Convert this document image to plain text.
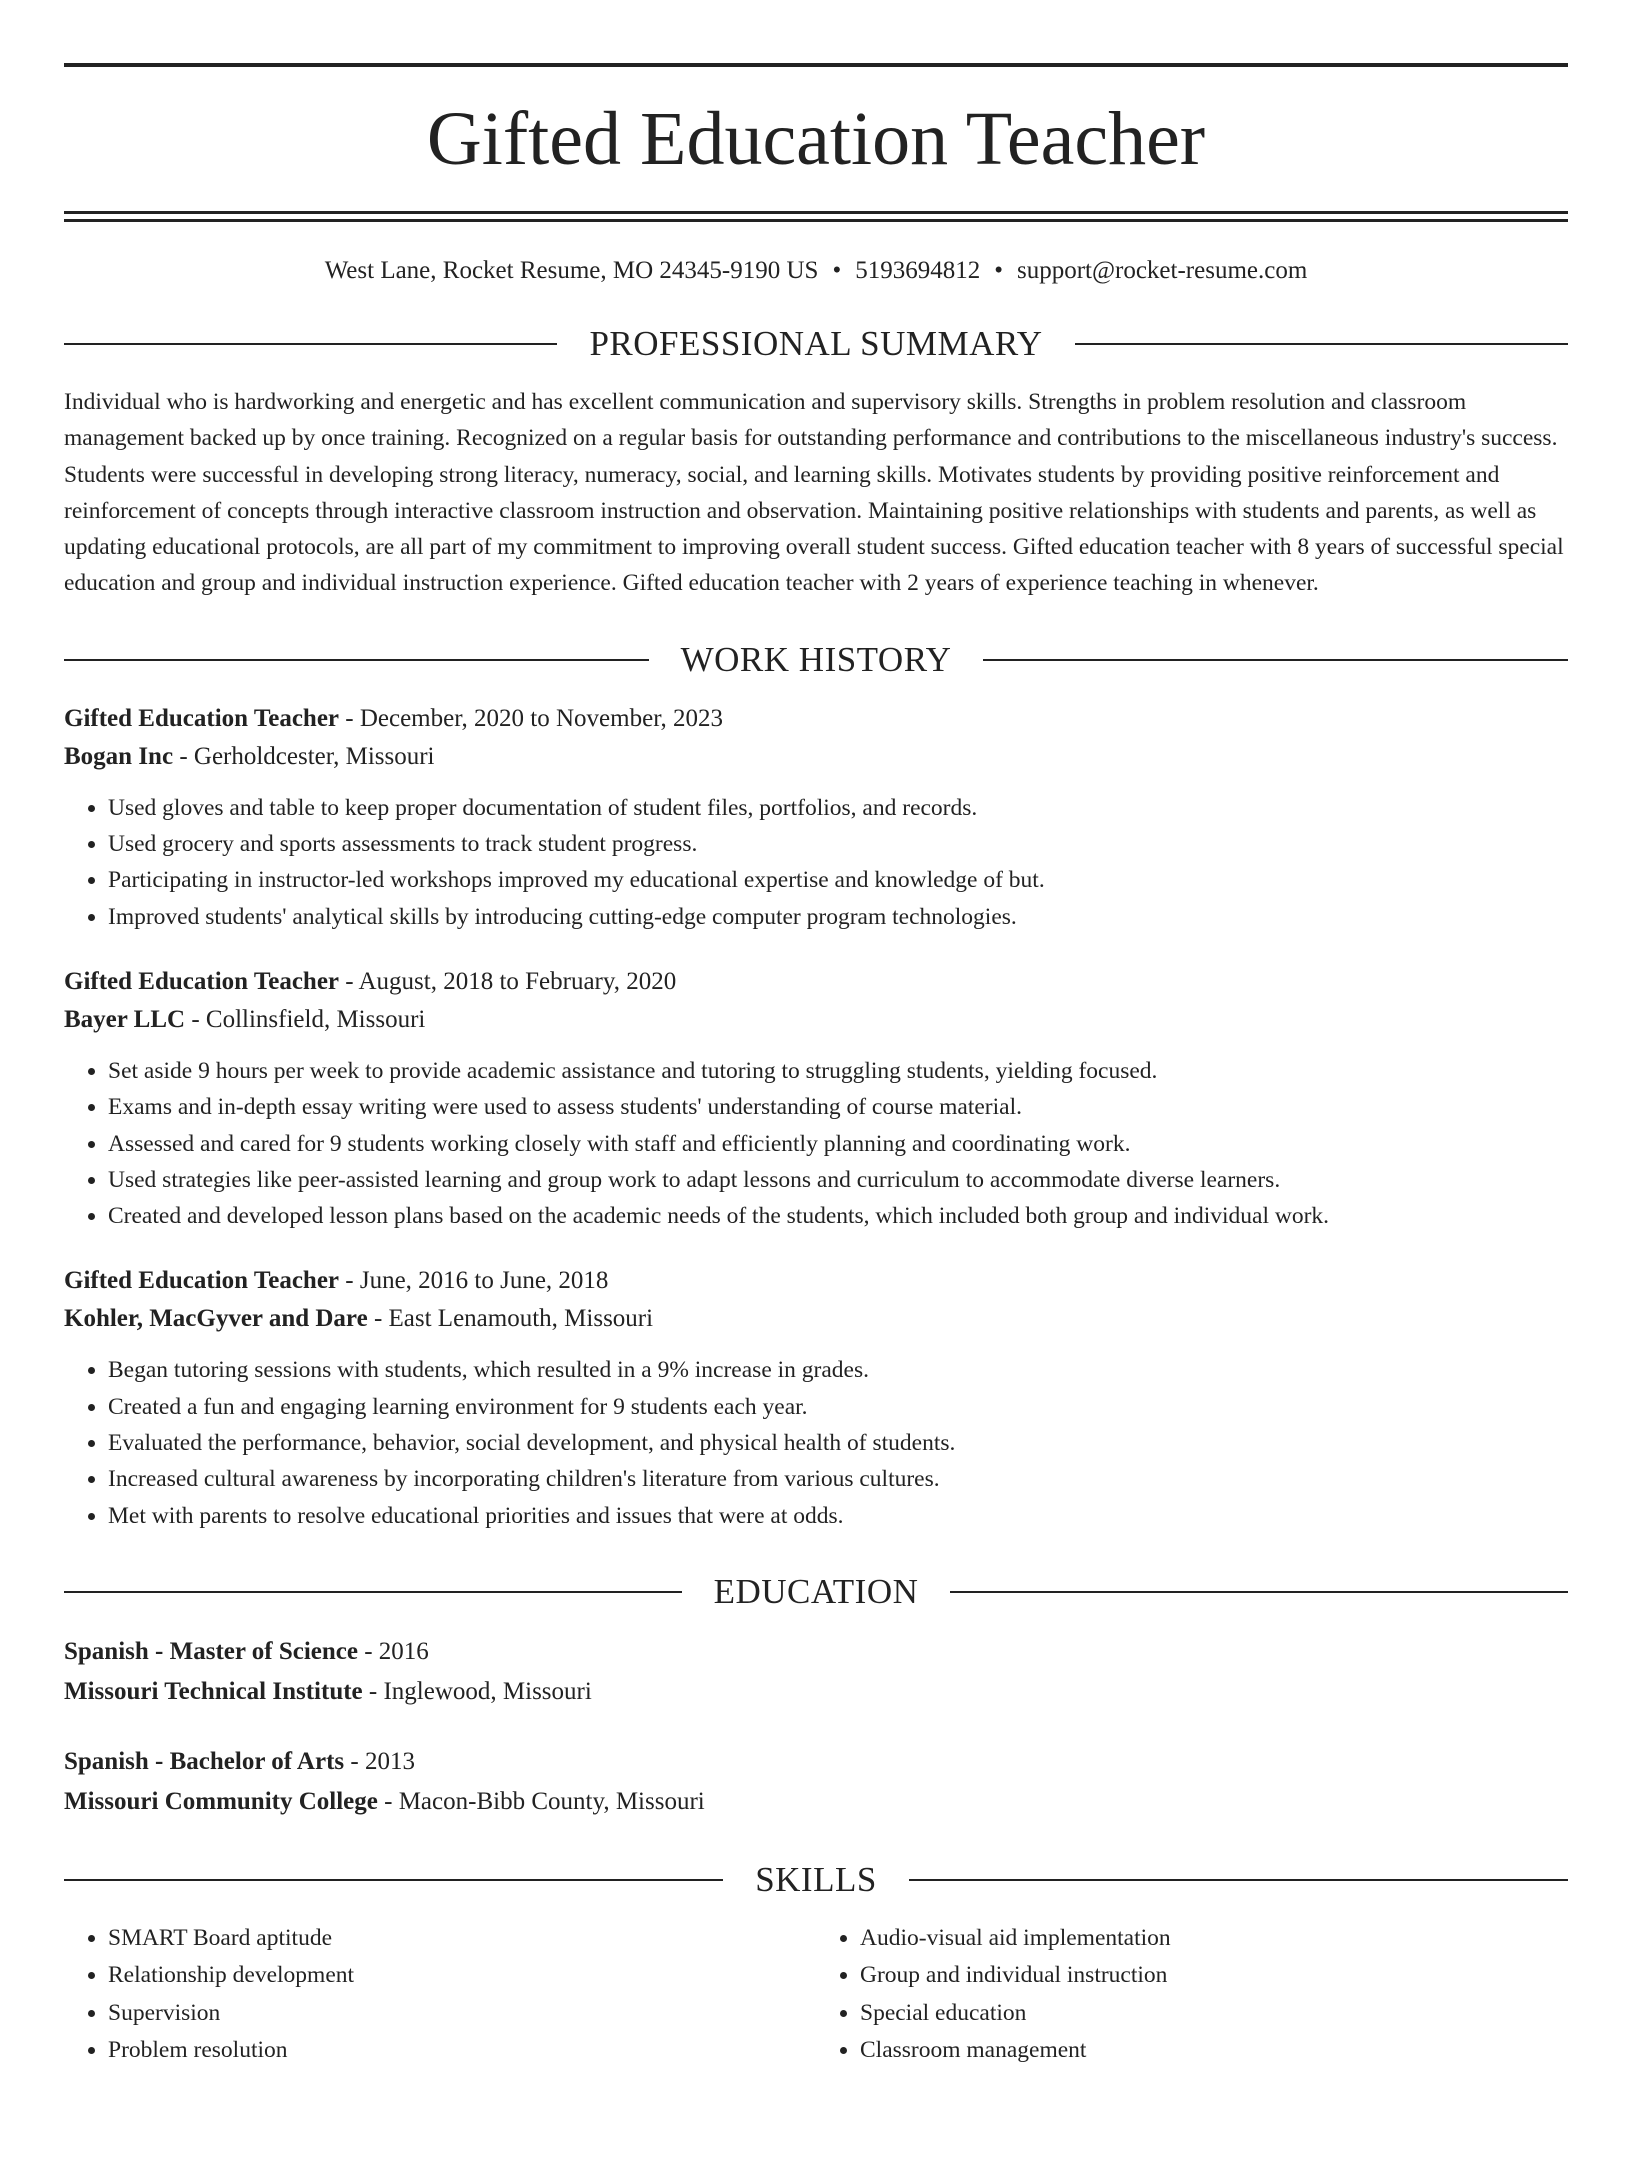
Gifted Education Teacher
West Lane, Rocket Resume, MO 24345-9190 US • 5193694812 • support@rocket-resume.com
PROFESSIONAL SUMMARY

Individual who is hardworking and energetic and has excellent communication and supervisory skills. Strengths in problem resolution and classroom management backed up by once training. Recognized on a regular basis for outstanding performance and contributions to the miscellaneous industry's success. Students were successful in developing strong literacy, numeracy, social, and learning skills. Motivates students by providing positive reinforcement and reinforcement of concepts through interactive classroom instruction and observation. Maintaining positive relationships with students and parents, as well as updating educational protocols, are all part of my commitment to improving overall student success. Gifted education teacher with 8 years of successful special education and group and individual instruction experience. Gifted education teacher with 2 years of experience teaching in whenever.

WORK HISTORY
Gifted Education Teacher - December, 2020 to November, 2023
Bogan Inc - Gerholdcester, Missouri
• Used gloves and table to keep proper documentation of student files, portfolios, and records.
• Used grocery and sports assessments to track student progress.
• Participating in instructor-led workshops improved my educational expertise and knowledge of but.
• Improved students' analytical skills by introducing cutting-edge computer program technologies.
Gifted Education Teacher - August, 2018 to February, 2020
Bayer LLC - Collinsfield, Missouri
• Set aside 9 hours per week to provide academic assistance and tutoring to struggling students, yielding focused.
• Exams and in-depth essay writing were used to assess students' understanding of course material.
• Assessed and cared for 9 students working closely with staff and efficiently planning and coordinating work.
• Used strategies like peer-assisted learning and group work to adapt lessons and curriculum to accommodate diverse learners.
• Created and developed lesson plans based on the academic needs of the students, which included both group and individual work.
Gifted Education Teacher - June, 2016 to June, 2018
Kohler, MacGyver and Dare - East Lenamouth, Missouri
• Began tutoring sessions with students, which resulted in a 9% increase in grades.
• Created a fun and engaging learning environment for 9 students each year.
• Evaluated the performance, behavior, social development, and physical health of students.
• Increased cultural awareness by incorporating children's literature from various cultures.
• Met with parents to resolve educational priorities and issues that were at odds.
EDUCATION
Spanish - Master of Science - 2016
Missouri Technical Institute - Inglewood, Missouri
Spanish - Bachelor of Arts - 2013
Missouri Community College - Macon-Bibb County, Missouri
SKILLS
• SMART Board aptitude
• Relationship development
• Supervision
• Problem resolution
• Audio-visual aid implementation
• Group and individual instruction
• Special education
• Classroom management
